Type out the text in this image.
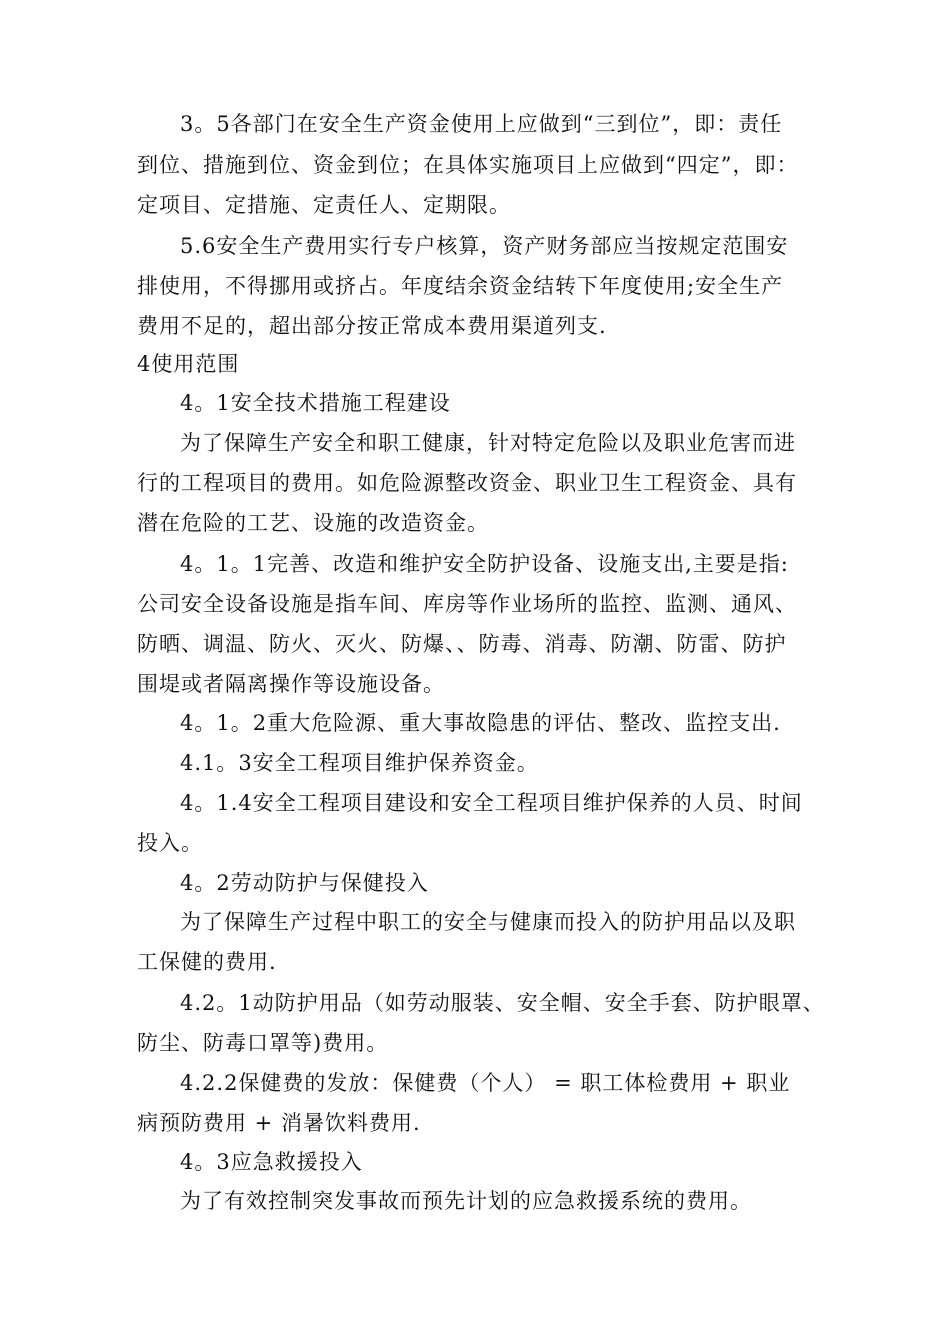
3。5各部门在安全生产资金使用上应做到“三到位”，即：责任
到位、措施到位、资金到位；在具体实施项目上应做到“四定”，即：
定项目、定措施、定责任人、定期限。
5.6安全生产费用实行专户核算，资产财务部应当按规定范围安
排使用，不得挪用或挤占。年度结余资金结转下年度使用;安全生产
费用不足的，超出部分按正常成本费用渠道列支.
4使用范围
4。1安全技术措施工程建设
为了保障生产安全和职工健康，针对特定危险以及职业危害而进
行的工程项目的费用。如危险源整改资金、职业卫生工程资金、具有
潜在危险的工艺、设施的改造资金。
4。1。1完善、改造和维护安全防护设备、设施支出,主要是指:
公司安全设备设施是指车间、库房等作业场所的监控、监测、通风、
防晒、调温、防火、灭火、防爆、、防毒、消毒、防潮、防雷、防护
围堤或者隔离操作等设施设备。
4。1。2重大危险源、重大事故隐患的评估、整改、监控支出.
4.1。3安全工程项目维护保养资金。
4。1.4安全工程项目建设和安全工程项目维护保养的人员、时间
投入。
4。2劳动防护与保健投入
为了保障生产过程中职工的安全与健康而投入的防护用品以及职
工保健的费用.
4.2。1动防护用品（如劳动服装、安全帽、安全手套、防护眼罩、
防尘、防毒口罩等)费用。
4.2.2保健费的发放：保健费（个人） = 职工体检费用 + 职业
病预防费用 + 消暑饮料费用.
4。3应急救援投入
为了有效控制突发事故而预先计划的应急救援系统的费用。
